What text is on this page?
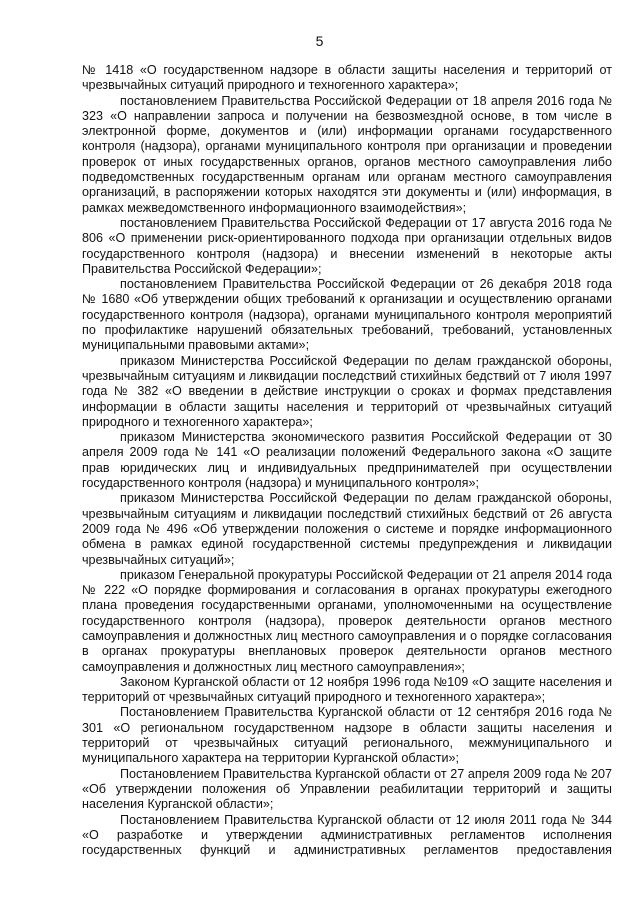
5

№ 1418 «О государственном надзоре в области защиты населения и территорий от чрезвычайных ситуаций природного и техногенного характера»;

постановлением Правительства Российской Федерации от 18 апреля 2016 года № 323 «О направлении запроса и получении на безвозмездной основе, в том числе в электронной форме, документов и (или) информации органами государственного контроля (надзора), органами муниципального контроля при организации и проведении проверок от иных государственных органов, органов местного самоуправления либо подведомственных государственным органам или органам местного самоуправления организаций, в распоряжении которых находятся эти документы и (или) информация, в рамках межведомственного информационного взаимодействия»;

постановлением Правительства Российской Федерации от 17 августа 2016 года № 806 «О применении риск-ориентированного подхода при организации отдельных видов государственного контроля (надзора) и внесении изменений в некоторые акты Правительства Российской Федерации»;

постановлением Правительства Российской Федерации от 26 декабря 2018 года № 1680 «Об утверждении общих требований к организации и осуществлению органами государственного контроля (надзора), органами муниципального контроля мероприятий по профилактике нарушений обязательных требований, требований, установленных муниципальными правовыми актами»;

приказом Министерства Российской Федерации по делам гражданской обороны, чрезвычайным ситуациям и ликвидации последствий стихийных бедствий от 7 июля 1997 года № 382 «О введении в действие инструкции о сроках и формах представления информации в области защиты населения и территорий от чрезвычайных ситуаций природного и техногенного характера»;

приказом Министерства экономического развития Российской Федерации от 30 апреля 2009 года № 141 «О реализации положений Федерального закона «О защите прав юридических лиц и индивидуальных предпринимателей при осуществлении государственного контроля (надзора) и муниципального контроля»;

приказом Министерства Российской Федерации по делам гражданской обороны, чрезвычайным ситуациям и ликвидации последствий стихийных бедствий от 26 августа 2009 года № 496 «Об утверждении положения о системе и порядке информационного обмена в рамках единой государственной системы предупреждения и ликвидации чрезвычайных ситуаций»;

приказом Генеральной прокуратуры Российской Федерации от 21 апреля 2014 года № 222 «О порядке формирования и согласования в органах прокуратуры ежегодного плана проведения государственными органами, уполномоченными на осуществление государственного контроля (надзора), проверок деятельности органов местного самоуправления и должностных лиц местного самоуправления и о порядке согласования в органах прокуратуры внеплановых проверок деятельности органов местного самоуправления и должностных лиц местного самоуправления»;

Законом Курганской области от 12 ноября 1996 года №109 «О защите населения и территорий от чрезвычайных ситуаций природного и техногенного характера»;

Постановлением Правительства Курганской области от 12 сентября 2016 года № 301 «О региональном государственном надзоре в области защиты населения и территорий от чрезвычайных ситуаций регионального, межмуниципального и муниципального характера на территории Курганской области»;

Постановлением Правительства Курганской области от 27 апреля 2009 года № 207 «Об утверждении положения об Управлении реабилитации территорий и защиты населения Курганской области»;

Постановлением Правительства Курганской области от 12 июля 2011 года № 344 «О разработке и утверждении административных регламентов исполнения государственных функций и административных регламентов предоставления
